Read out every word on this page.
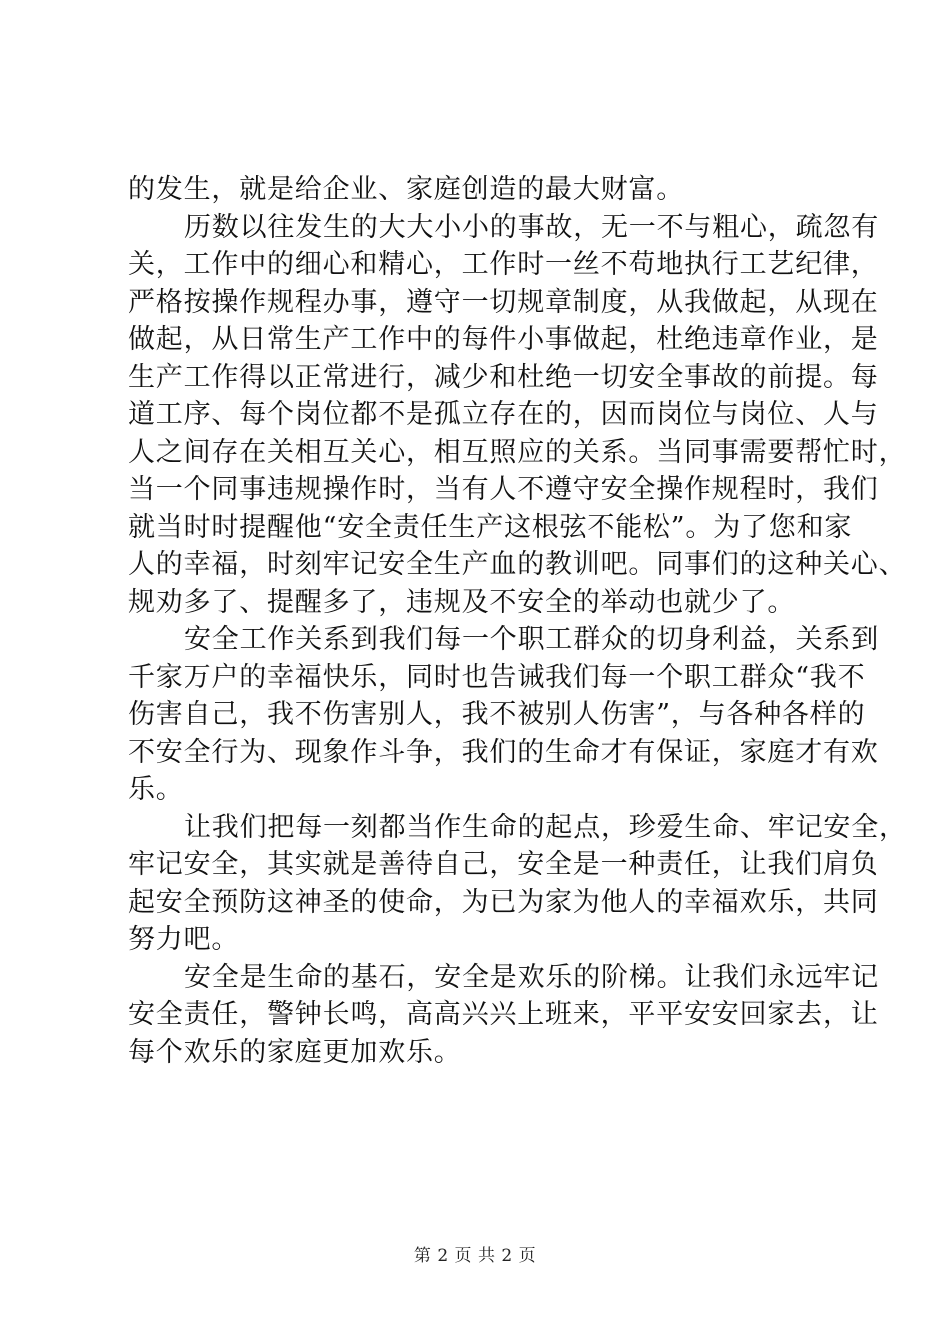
的发生，就是给企业、家庭创造的最大财富。
历数以往发生的大大小小的事故，无一不与粗心，疏忽有
关，工作中的细心和精心，工作时一丝不苟地执行工艺纪律，
严格按操作规程办事，遵守一切规章制度，从我做起，从现在
做起，从日常生产工作中的每件小事做起，杜绝违章作业，是
生产工作得以正常进行，减少和杜绝一切安全事故的前提。每
道工序、每个岗位都不是孤立存在的，因而岗位与岗位、人与
人之间存在关相互关心，相互照应的关系。当同事需要帮忙时，
当一个同事违规操作时，当有人不遵守安全操作规程时，我们
就当时时提醒他“安全责任生产这根弦不能松”。为了您和家
人的幸福，时刻牢记安全生产血的教训吧。同事们的这种关心、
规劝多了、提醒多了，违规及不安全的举动也就少了。
安全工作关系到我们每一个职工群众的切身利益，关系到
千家万户的幸福快乐，同时也告诫我们每一个职工群众“我不
伤害自己，我不伤害别人，我不被别人伤害”，与各种各样的
不安全行为、现象作斗争，我们的生命才有保证，家庭才有欢
乐。
让我们把每一刻都当作生命的起点，珍爱生命、牢记安全，
牢记安全，其实就是善待自己，安全是一种责任，让我们肩负
起安全预防这神圣的使命，为已为家为他人的幸福欢乐，共同
努力吧。
安全是生命的基石，安全是欢乐的阶梯。让我们永远牢记
安全责任，警钟长鸣，高高兴兴上班来，平平安安回家去，让
每个欢乐的家庭更加欢乐。
第 2 页 共 2 页
